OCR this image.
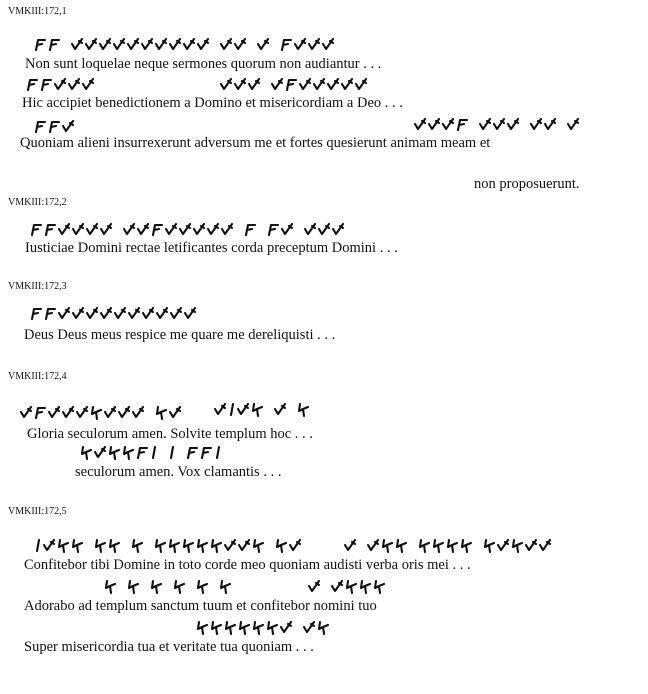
VMKIII:172,1
Non sunt loquelae neque sermones quorum non audiantur . . .
Hic accipiet benedictionem a Domino et misericordiam a Deo . . .
Quoniam alieni insurrexerunt adversum me et fortes quesierunt animam meam et
non proposuerunt.
VMKIII:172,2
Iusticiae Domini rectae letificantes corda preceptum Domini . . .
VMKIII:172,3
Deus Deus meus respice me quare me dereliquisti . . .
VMKIII:172,4
Gloria seculorum amen. Solvite templum hoc . . .
seculorum amen. Vox clamantis . . .
VMKIII:172,5
Confitebor tibi Domine in toto corde meo quoniam audisti verba oris mei . . .
Adorabo ad templum sanctum tuum et confitebor nomini tuo
Super misericordia tua et veritate tua quoniam . . .
